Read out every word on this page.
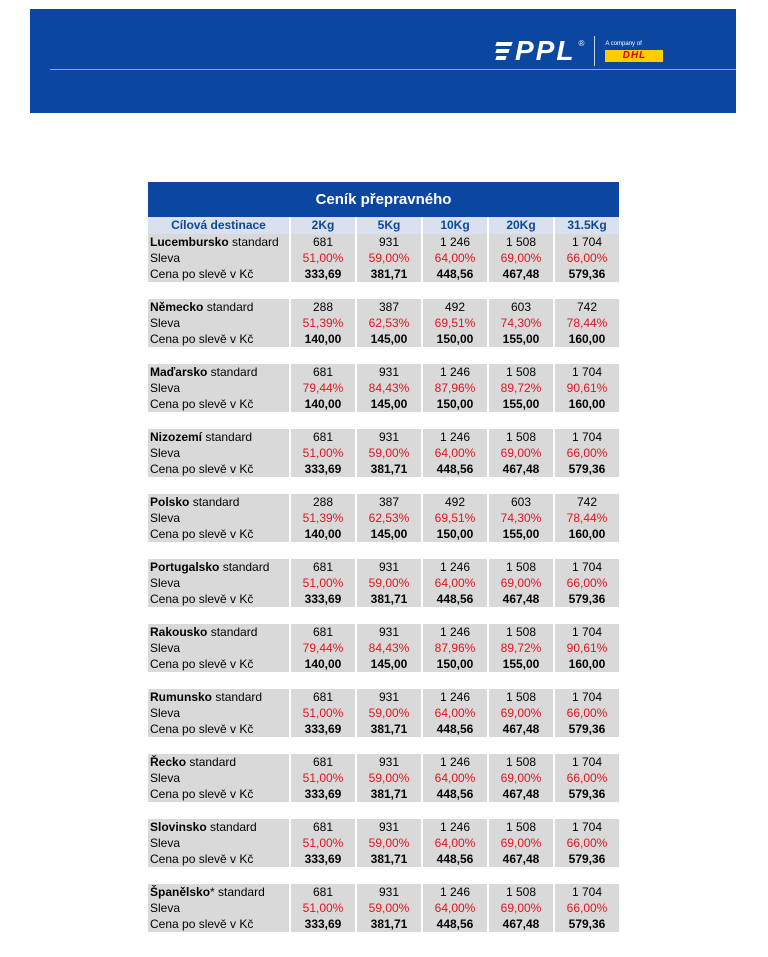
PPL ®	A company of
DHL
Ceník přepravného
Cílová destinace	2Kg	5Kg	10Kg	20Kg	31.5Kg
Lucembursko standard	681	931	1 246	1 508	1 704
Sleva	51,00%	59,00%	64,00%	69,00%	66,00%
Cena po slevě v Kč	333,69	381,71	448,56	467,48	579,36

Německo standard	288	387	492	603	742
Sleva	51,39%	62,53%	69,51%	74,30%	78,44%
Cena po slevě v Kč	140,00	145,00	150,00	155,00	160,00

Maďarsko standard	681	931	1 246	1 508	1 704
Sleva	79,44%	84,43%	87,96%	89,72%	90,61%
Cena po slevě v Kč	140,00	145,00	150,00	155,00	160,00

Nizozemí standard	681	931	1 246	1 508	1 704
Sleva	51,00%	59,00%	64,00%	69,00%	66,00%
Cena po slevě v Kč	333,69	381,71	448,56	467,48	579,36

Polsko standard	288	387	492	603	742
Sleva	51,39%	62,53%	69,51%	74,30%	78,44%
Cena po slevě v Kč	140,00	145,00	150,00	155,00	160,00

Portugalsko standard	681	931	1 246	1 508	1 704
Sleva	51,00%	59,00%	64,00%	69,00%	66,00%
Cena po slevě v Kč	333,69	381,71	448,56	467,48	579,36

Rakousko standard	681	931	1 246	1 508	1 704
Sleva	79,44%	84,43%	87,96%	89,72%	90,61%
Cena po slevě v Kč	140,00	145,00	150,00	155,00	160,00

Rumunsko standard	681	931	1 246	1 508	1 704
Sleva	51,00%	59,00%	64,00%	69,00%	66,00%
Cena po slevě v Kč	333,69	381,71	448,56	467,48	579,36

Řecko standard	681	931	1 246	1 508	1 704
Sleva	51,00%	59,00%	64,00%	69,00%	66,00%
Cena po slevě v Kč	333,69	381,71	448,56	467,48	579,36

Slovinsko standard	681	931	1 246	1 508	1 704
Sleva	51,00%	59,00%	64,00%	69,00%	66,00%
Cena po slevě v Kč	333,69	381,71	448,56	467,48	579,36

Španělsko* standard	681	931	1 246	1 508	1 704
Sleva	51,00%	59,00%	64,00%	69,00%	66,00%
Cena po slevě v Kč	333,69	381,71	448,56	467,48	579,36
